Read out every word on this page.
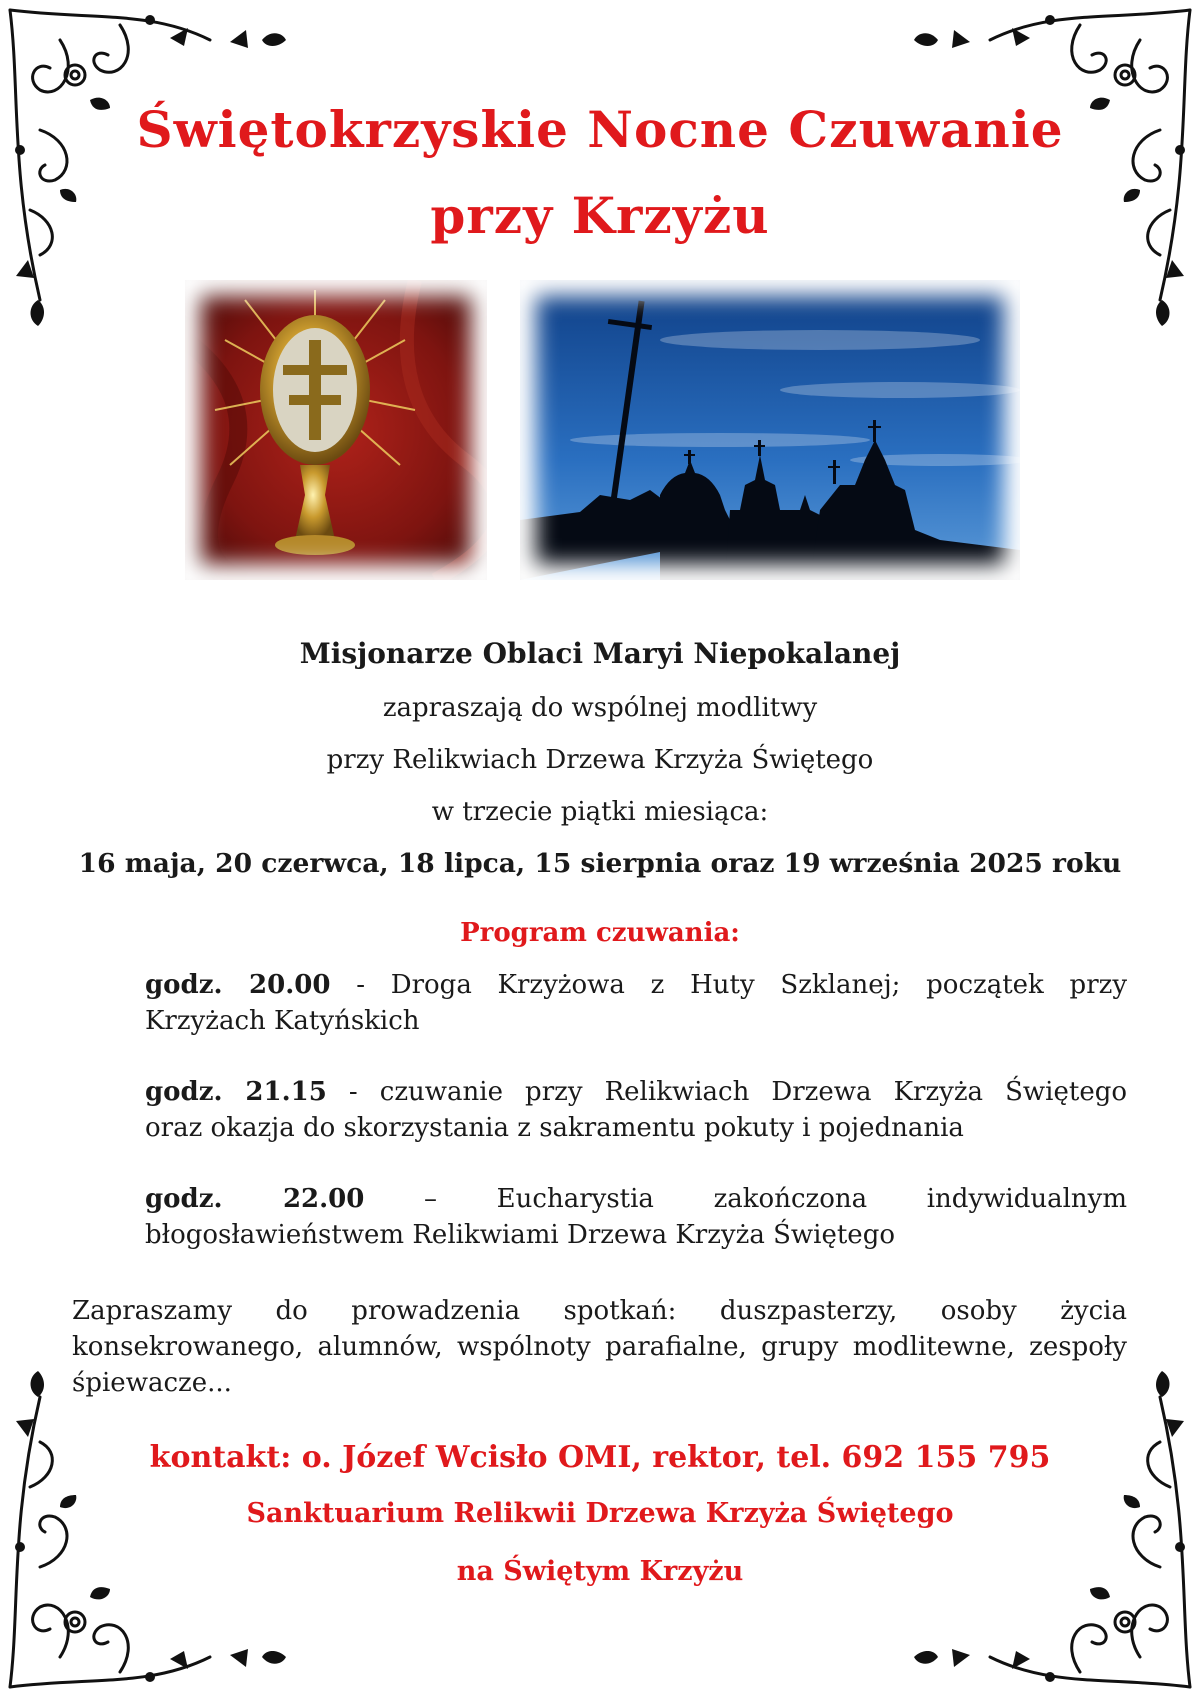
Świętokrzyskie Nocne Czuwanie
przy Krzyżu
Misjonarze Oblaci Maryi Niepokalanej
zapraszają do wspólnej modlitwy
przy Relikwiach Drzewa Krzyża Świętego
w trzecie piątki miesiąca:
16 maja, 20 czerwca, 18 lipca, 15 sierpnia oraz 19 września 2025 roku
Program czuwania:
godz. 20.00 - Droga Krzyżowa z Huty Szklanej; początek przy
Krzyżach Katyńskich
godz. 21.15 - czuwanie przy Relikwiach Drzewa Krzyża Świętego
oraz okazja do skorzystania z sakramentu pokuty i pojednania
godz. 22.00 – Eucharystia zakończona indywidualnym
błogosławieństwem Relikwiami Drzewa Krzyża Świętego
Zapraszamy do prowadzenia spotkań: duszpasterzy, osoby życia konsekrowanego, alumnów, wspólnoty parafialne, grupy modlitewne, zespoły śpiewacze...
kontakt: o. Józef Wcisło OMI, rektor, tel. 692 155 795
Sanktuarium Relikwii Drzewa Krzyża Świętego
na Świętym Krzyżu
